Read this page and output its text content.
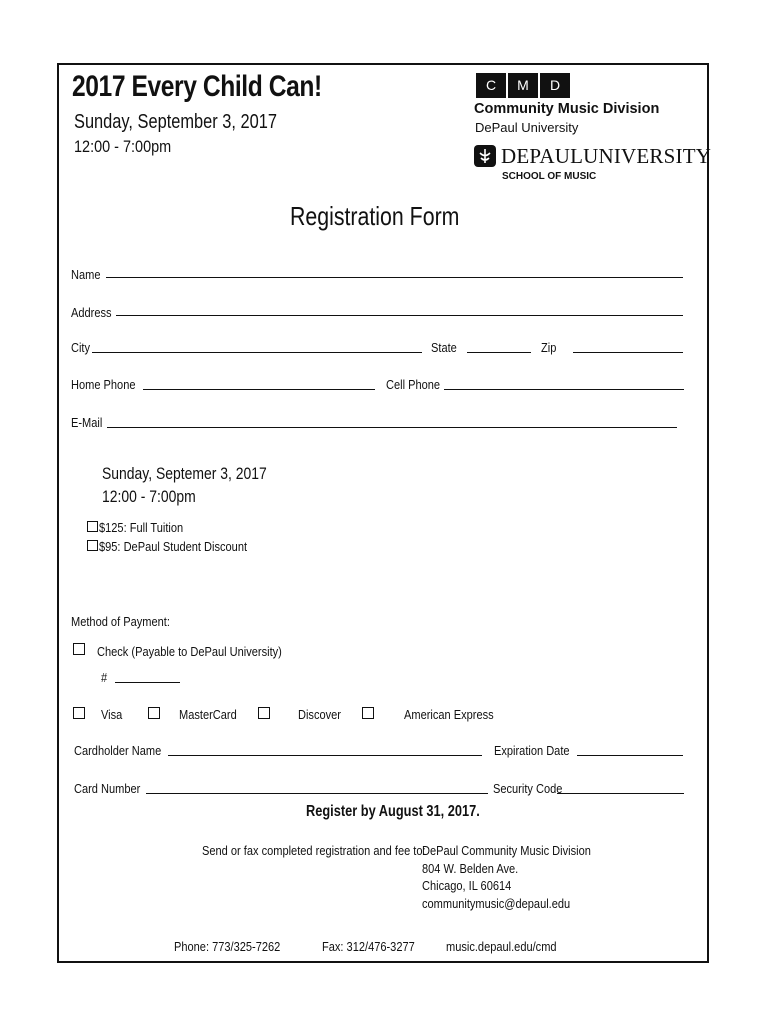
2017 Every Child Can!
Sunday, September 3, 2017
12:00 - 7:00pm
C	M	D
Community Music Division
DePaul University
DEPAULUNIVERSITY
SCHOOL OF MUSIC
Registration Form
Name
Address
City	State	Zip
Home Phone	Cell Phone
E-Mail
Sunday, Septemer 3, 2017
12:00 - 7:00pm
$125: Full Tuition
$95: DePaul Student Discount
Method of Payment:
Check (Payable to DePaul University)
#
Visa	MasterCard	Discover	American Express
Cardholder Name	Expiration Date
Card Number	Security Code
Register by August 31, 2017.
Send or fax completed registration and fee to:
DePaul Community Music Division
804 W. Belden Ave.
Chicago, IL 60614
communitymusic@depaul.edu
Phone: 773/325-7262	Fax: 312/476-3277 music.depaul.edu/cmd
